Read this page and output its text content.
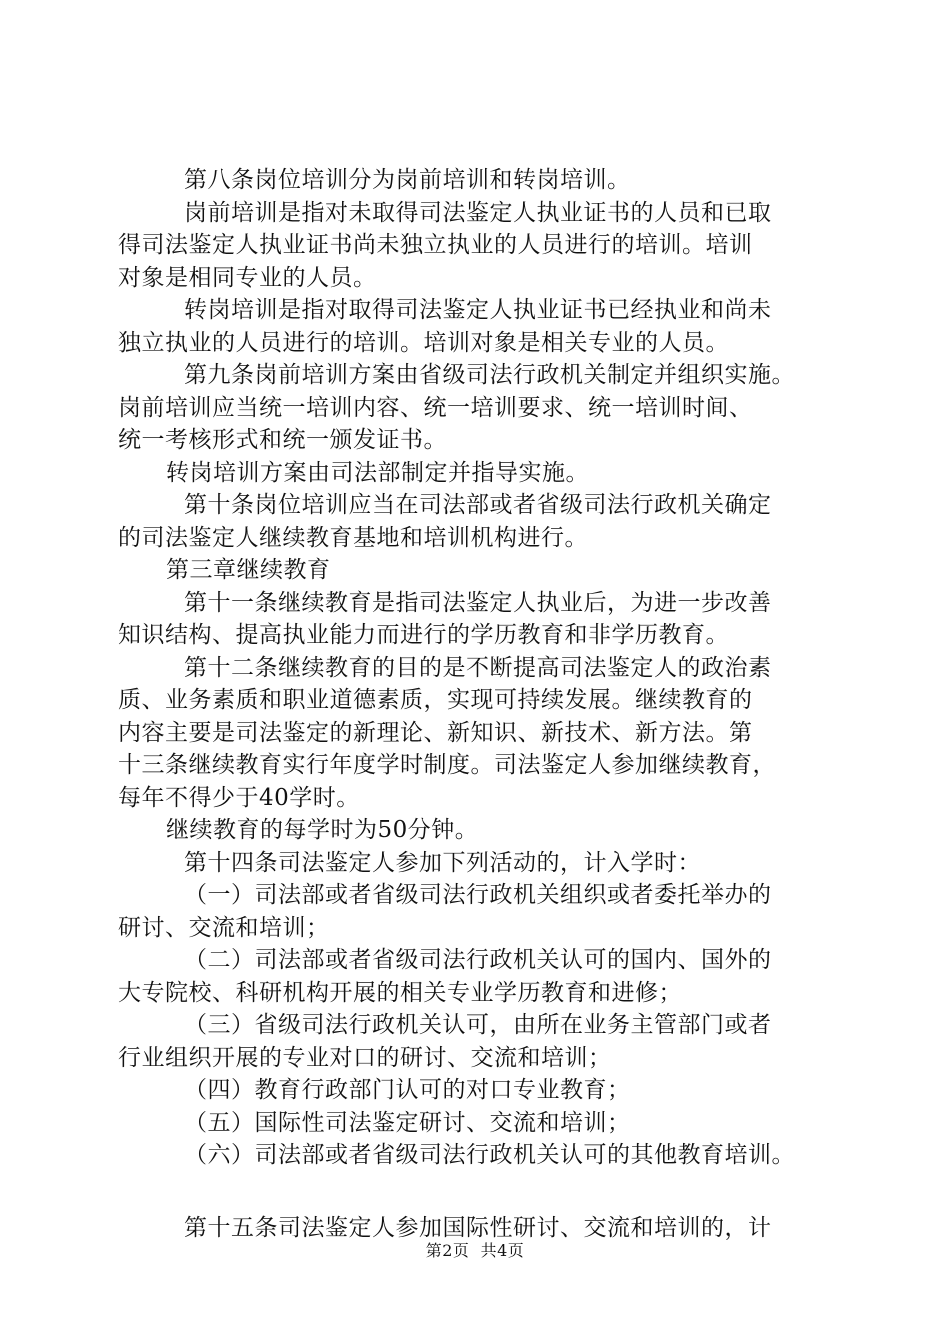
第八条岗位培训分为岗前培训和转岗培训。
岗前培训是指对未取得司法鉴定人执业证书的人员和已取
得司法鉴定人执业证书尚未独立执业的人员进行的培训。培训
对象是相同专业的人员。
转岗培训是指对取得司法鉴定人执业证书已经执业和尚未
独立执业的人员进行的培训。培训对象是相关专业的人员。
第九条岗前培训方案由省级司法行政机关制定并组织实施。
岗前培训应当统一培训内容、统一培训要求、统一培训时间、
统一考核形式和统一颁发证书。
转岗培训方案由司法部制定并指导实施。
第十条岗位培训应当在司法部或者省级司法行政机关确定
的司法鉴定人继续教育基地和培训机构进行。
第三章继续教育
第十一条继续教育是指司法鉴定人执业后，为进一步改善
知识结构、提高执业能力而进行的学历教育和非学历教育。
第十二条继续教育的目的是不断提高司法鉴定人的政治素
质、业务素质和职业道德素质，实现可持续发展。继续教育的
内容主要是司法鉴定的新理论、新知识、新技术、新方法。第
十三条继续教育实行年度学时制度。司法鉴定人参加继续教育，
每年不得少于40学时。
继续教育的每学时为50分钟。
第十四条司法鉴定人参加下列活动的，计入学时：
（一）司法部或者省级司法行政机关组织或者委托举办的
研讨、交流和培训；
（二）司法部或者省级司法行政机关认可的国内、国外的
大专院校、科研机构开展的相关专业学历教育和进修；
（三）省级司法行政机关认可，由所在业务主管部门或者
行业组织开展的专业对口的研讨、交流和培训；
（四）教育行政部门认可的对口专业教育；
（五）国际性司法鉴定研讨、交流和培训；
（六）司法部或者省级司法行政机关认可的其他教育培训。
第十五条司法鉴定人参加国际性研讨、交流和培训的，计
第2页  共4页
